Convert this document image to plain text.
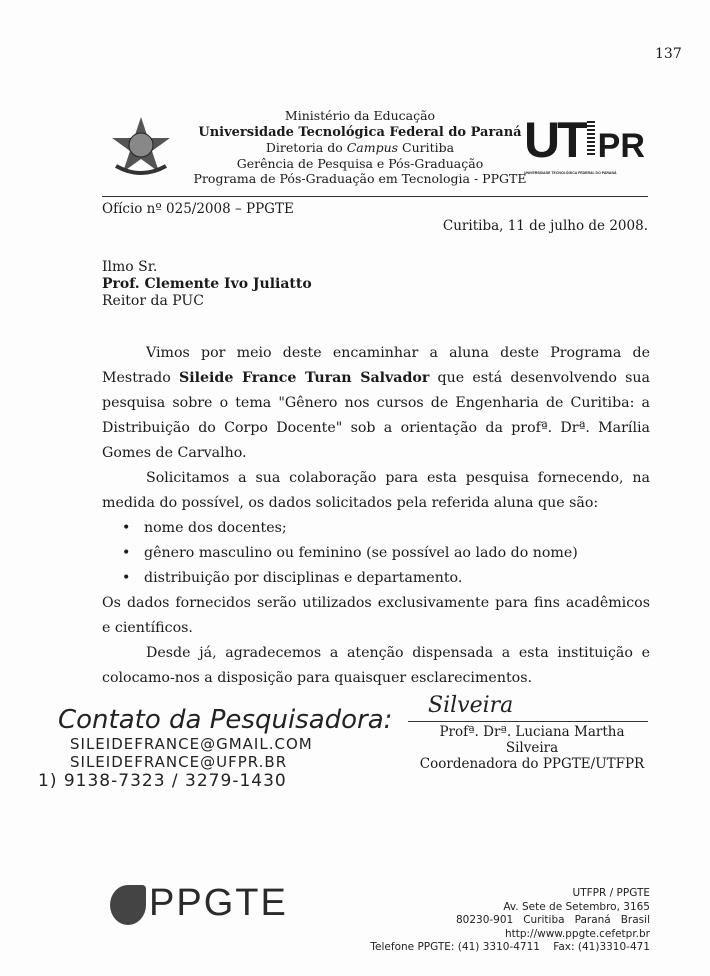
137
Ministério da Educação
Universidade Tecnológica Federal do Paraná
Diretoria do Campus Curitiba
Gerência de Pesquisa e Pós-Graduação
Programa de Pós-Graduação em Tecnologia - PPGTE
UT PR
UNIVERSIDADE TECNOLÓGICA FEDERAL DO PARANÁ
Ofício nº 025/2008 – PPGTE
Curitiba, 11 de julho de 2008.
Ilmo Sr.
Prof. Clemente Ivo Juliatto
Reitor da PUC

Vimos por meio deste encaminhar a aluna deste Programa de Mestrado Sileide France Turan Salvador que está desenvolvendo sua pesquisa sobre o tema "Gênero nos cursos de Engenharia de Curitiba: a Distribuição do Corpo Docente" sob a orientação da profª. Drª. Marília Gomes de Carvalho.

Solicitamos a sua colaboração para esta pesquisa fornecendo, na medida do possível, os dados solicitados pela referida aluna que são:

• nome dos docentes;
• gênero masculino ou feminino (se possível ao lado do nome)
• distribuição por disciplinas e departamento.

Os dados fornecidos serão utilizados exclusivamente para fins acadêmicos e científicos.

Desde já, agradecemos a atenção dispensada a esta instituição e colocamo-nos a disposição para quaisquer esclarecimentos.

Silveira
Profª. Drª. Luciana Martha Silveira
Coordenadora do PPGTE/UTFPR
Contato da Pesquisadora:
SILEIDEFRANCE@GMAIL.COM
SILEIDEFRANCE@UFPR.BR
1) 9138-7323 / 3279-1430
PPGTE	UTFPR / PPGTE
Av. Sete de Setembro, 3165
80230-901   Curitiba   Paraná   Brasil
http://www.ppgte.cefetpr.br
Telefone PPGTE: (41) 3310-4711    Fax: (41)3310-471
